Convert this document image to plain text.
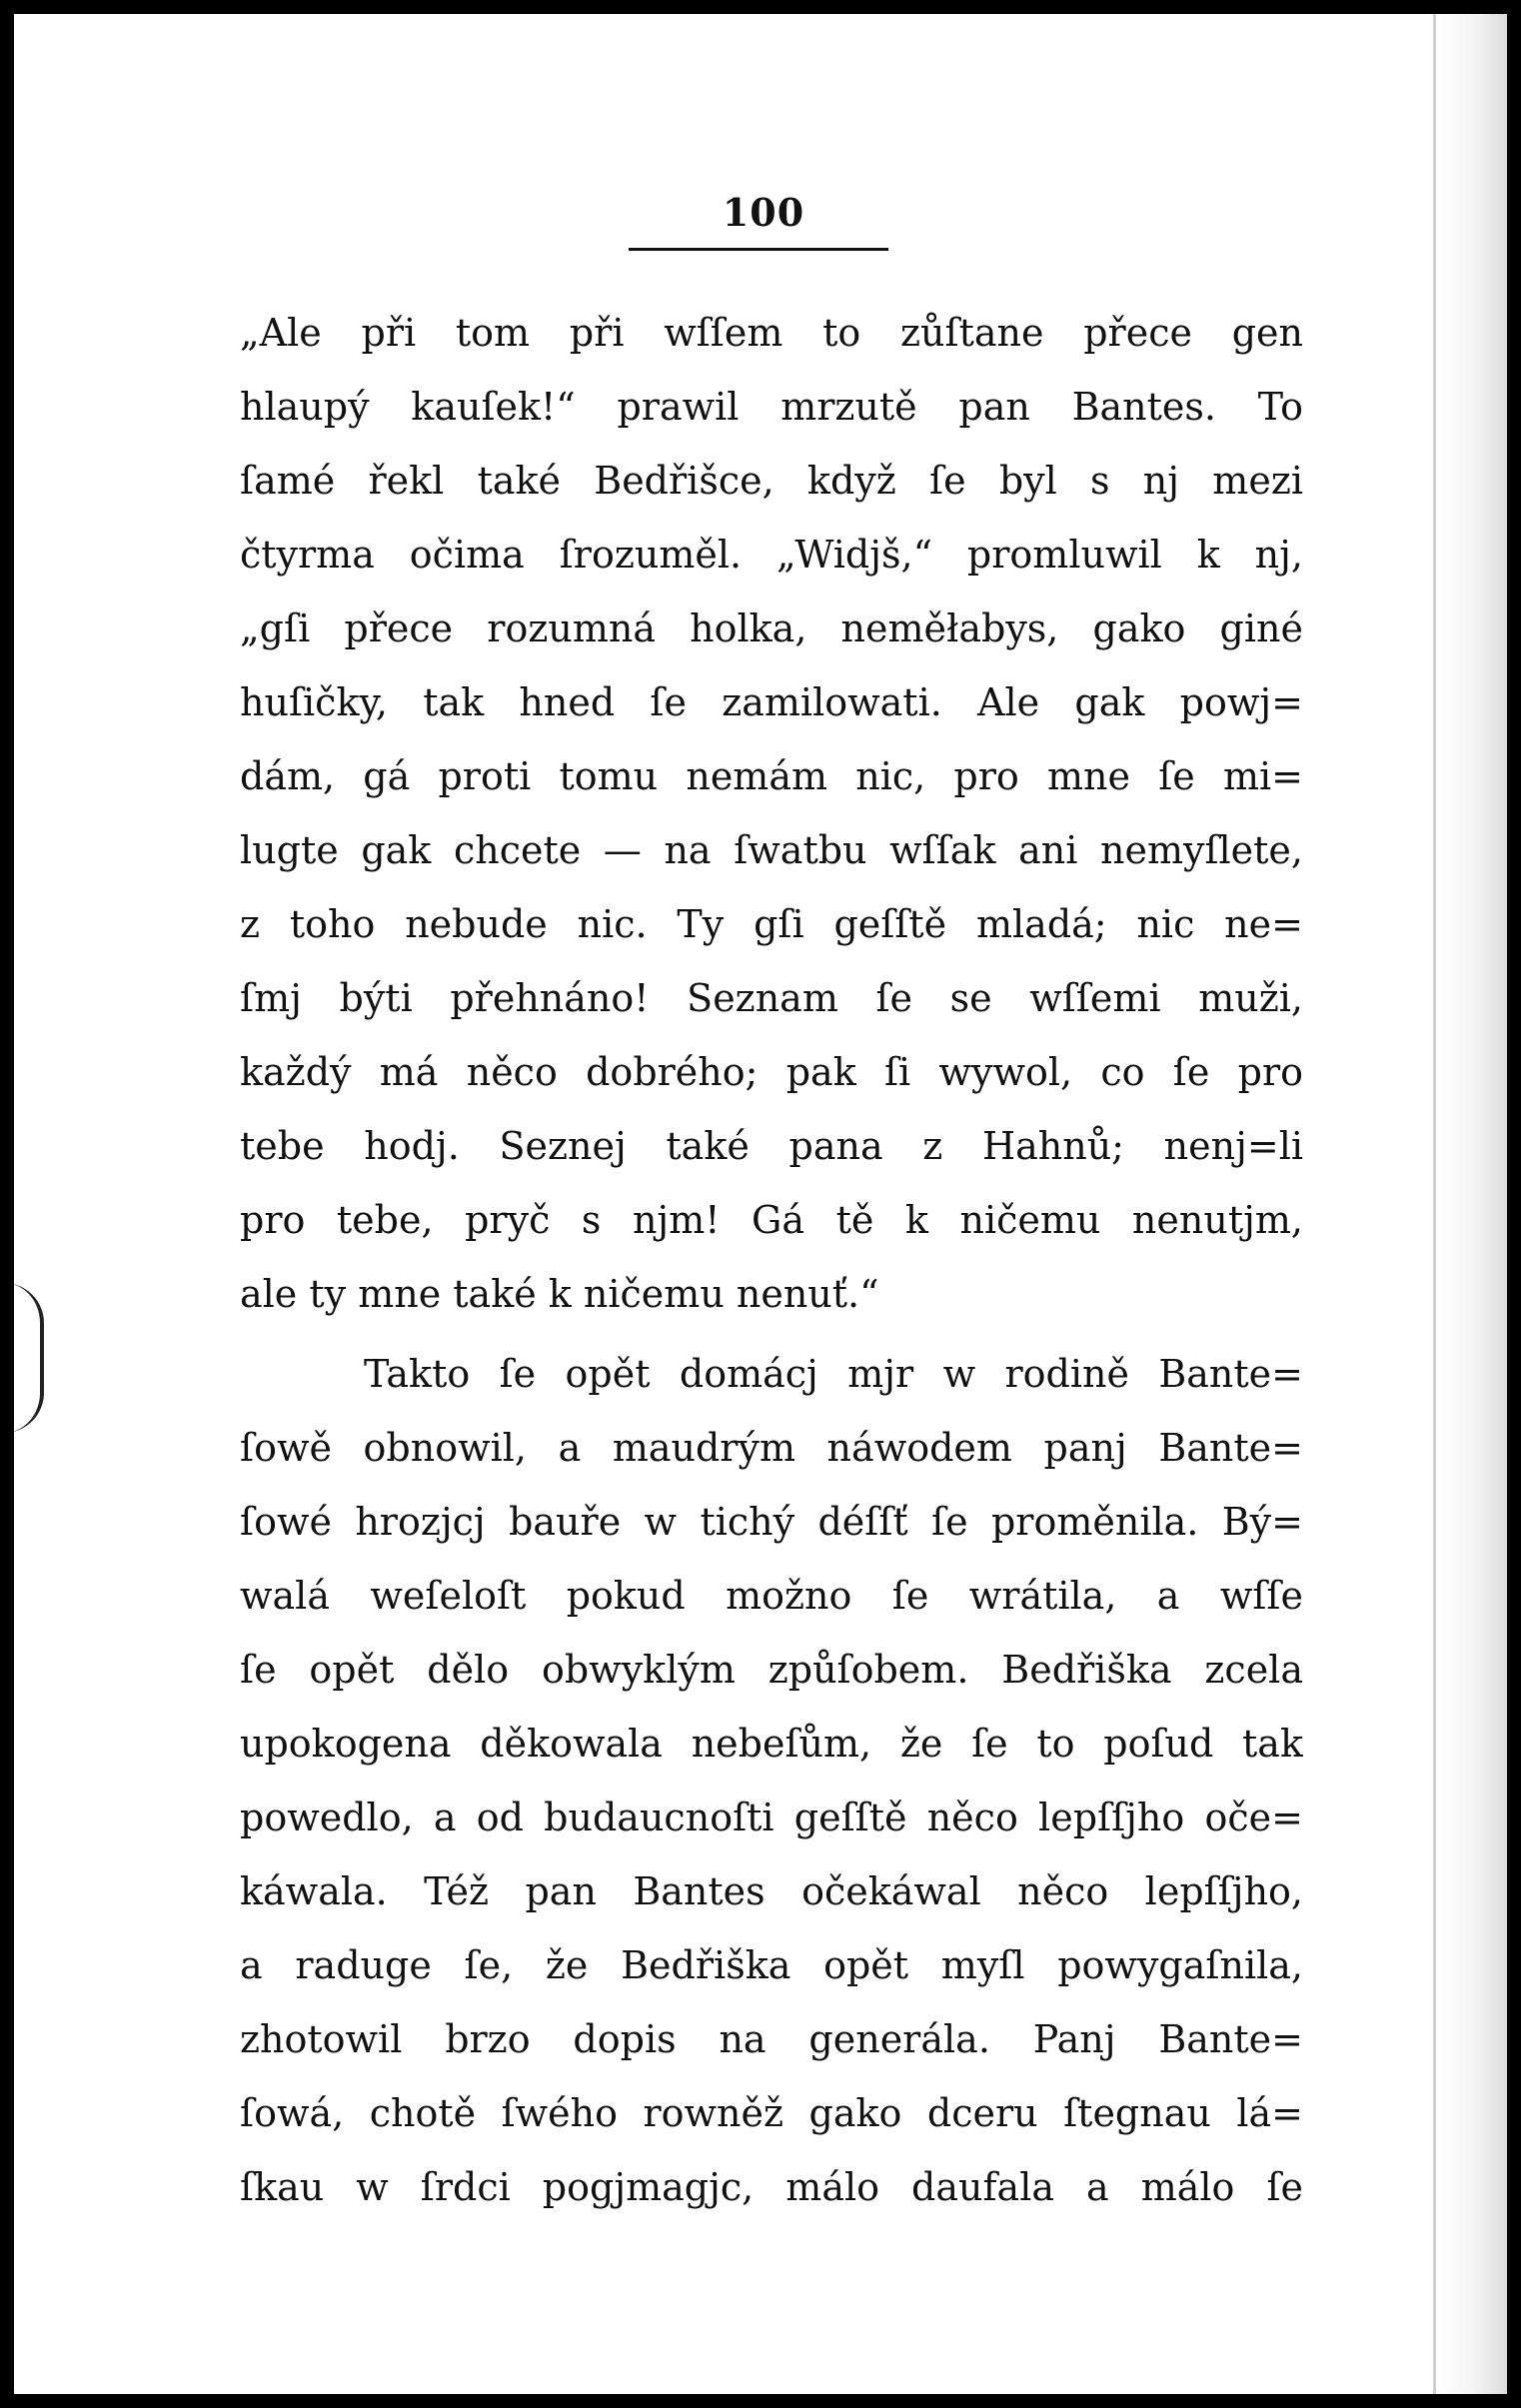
100
„Ale při tom při wſſem to zůſtane přece gen
hlaupý kauſek!“ prawil mrzutě pan Bantes. To
ſamé řekl také Bedřišce, když ſe byl s nj mezi
čtyrma očima ſrozuměl. „Widjš,“ promluwil k nj,
„gſi přece rozumná holka, neměłabys, gako giné
huſičky, tak hned ſe zamilowati. Ale gak powj=
dám, gá proti tomu nemám nic, pro mne ſe mi=
lugte gak chcete — na ſwatbu wſſak ani nemyſlete,
z toho nebude nic. Ty gſi geſſtě mladá; nic ne=
ſmj býti přehnáno! Seznam ſe se wſſemi muži,
každý má něco dobrého; pak ſi wywol, co ſe pro
tebe hodj. Seznej také pana z Hahnů; nenj=li
pro tebe, pryč s njm! Gá tě k ničemu nenutjm,
ale ty mne také k ničemu nenuť.“
Takto ſe opět domácj mjr w rodině Bante=
ſowě obnowil, a maudrým náwodem panj Bante=
ſowé hrozjcj bauře w tichý déſſť ſe proměnila. Bý=
walá weſeloſt pokud možno ſe wrátila, a wſſe
ſe opět dělo obwyklým způſobem. Bedřiška zcela
upokogena děkowala nebeſům, že ſe to poſud tak
powedlo, a od budaucnoſti geſſtě něco lepſſjho oče=
káwala. Též pan Bantes očekáwal něco lepſſjho,
a raduge ſe, že Bedřiška opět myſl powygaſnila,
zhotowil brzo dopis na generála. Panj Bante=
ſowá, chotě ſwého rowněž gako dceru ſtegnau lá=
ſkau w ſrdci pogjmagjc, málo daufala a málo ſe
